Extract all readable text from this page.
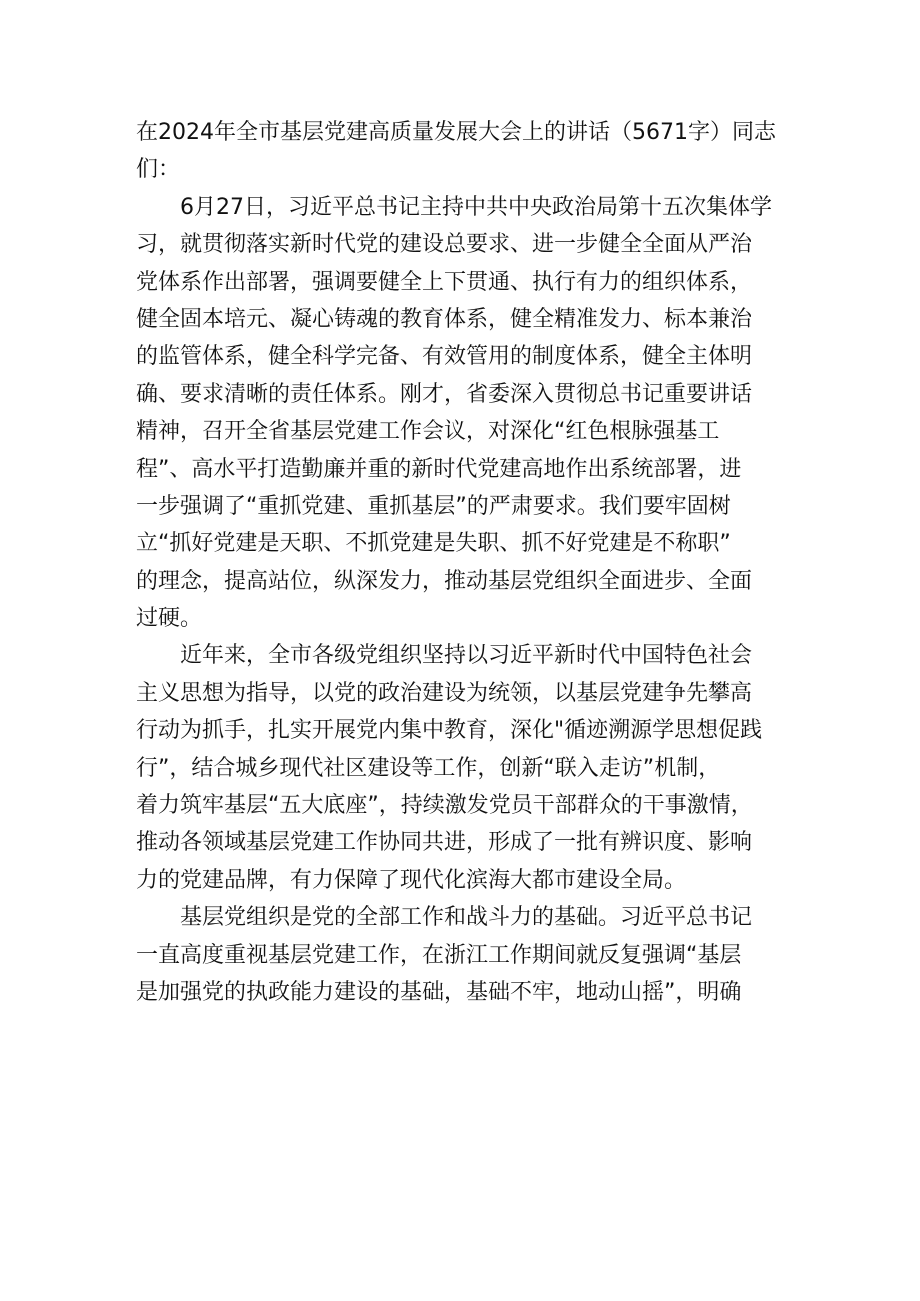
在2024年全市基层党建高质量发展大会上的讲话（5671字）同志
们：
　　6月27日，习近平总书记主持中共中央政治局第十五次集体学
习，就贯彻落实新时代党的建设总要求、进一步健全全面从严治
党体系作出部署，强调要健全上下贯通、执行有力的组织体系，
健全固本培元、凝心铸魂的教育体系，健全精准发力、标本兼治
的监管体系，健全科学完备、有效管用的制度体系，健全主体明
确、要求清晰的责任体系。刚才，省委深入贯彻总书记重要讲话
精神，召开全省基层党建工作会议，对深化“红色根脉强基工
程”、高水平打造勤廉并重的新时代党建高地作出系统部署，进
一步强调了“重抓党建、重抓基层”的严肃要求。我们要牢固树
立“抓好党建是天职、不抓党建是失职、抓不好党建是不称职”
的理念，提高站位，纵深发力，推动基层党组织全面进步、全面
过硬。
　　近年来，全市各级党组织坚持以习近平新时代中国特色社会
主义思想为指导，以党的政治建设为统领，以基层党建争先攀高
行动为抓手，扎实开展党内集中教育，深化"循迹溯源学思想促践
行”，结合城乡现代社区建设等工作，创新“联入走访”机制，
着力筑牢基层“五大底座”，持续激发党员干部群众的干事激情，
推动各领域基层党建工作协同共进，形成了一批有辨识度、影响
力的党建品牌，有力保障了现代化滨海大都市建设全局。
　　基层党组织是党的全部工作和战斗力的基础。习近平总书记
一直高度重视基层党建工作，在浙江工作期间就反复强调“基层
是加强党的执政能力建设的基础，基础不牢，地动山摇”，明确
